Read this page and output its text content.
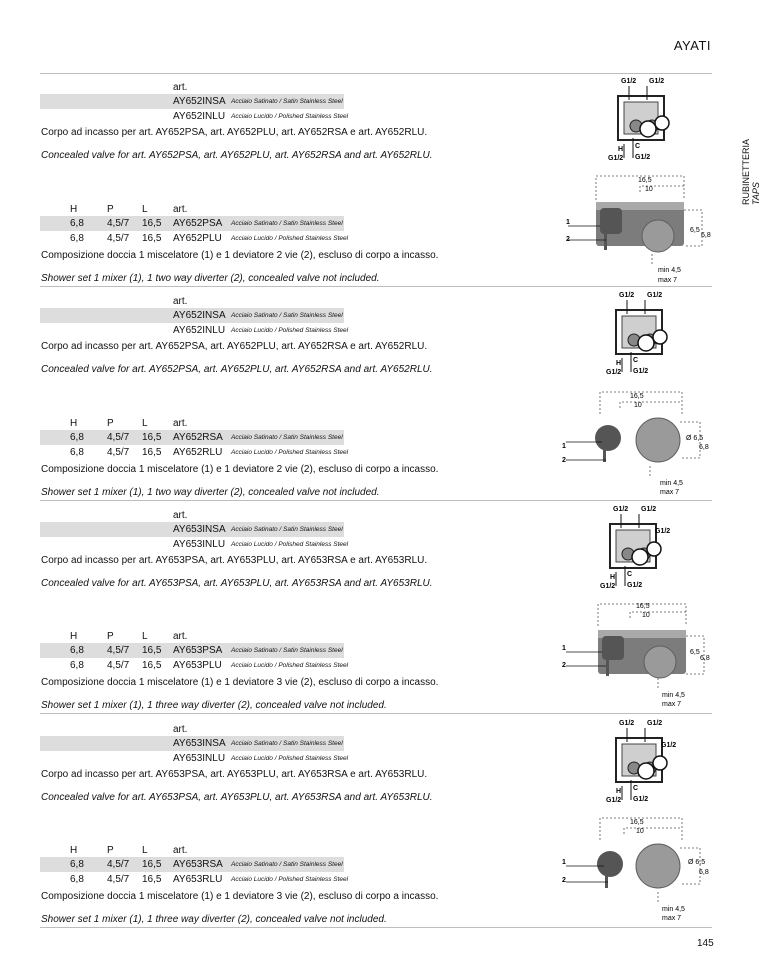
AYATI
RUBINETTERIA TAPS
145
art.
AY652INSA Acciaio Satinato / Satin Stainless Steel
AY652INLU Acciaio Lucido / Polished Stainless Steel
Corpo ad incasso per art. AY652PSA, art. AY652PLU, art. AY652RSA e art. AY652RLU.
Concealed valve for art. AY652PSA, art. AY652PLU, art. AY652RSA and art. AY652RLU.
H	P	L	art.
6,8 4,5/7 16,5 AY652PSA Acciaio Satinato / Satin Stainless Steel
6,8 4,5/7 16,5 AY652PLU Acciaio Lucido / Polished Stainless Steel
Composizione doccia 1 miscelatore (1) e 1 deviatore 2 vie (2), escluso di corpo a incasso.
Shower set 1 mixer (1), 1 two way diverter (2), concealed valve not included.
art.
AY652INSA Acciaio Satinato / Satin Stainless Steel
AY652INLU Acciaio Lucido / Polished Stainless Steel
Corpo ad incasso per art. AY652PSA, art. AY652PLU, art. AY652RSA e art. AY652RLU.
Concealed valve for art. AY652PSA, art. AY652PLU, art. AY652RSA and art. AY652RLU.
H	P	L	art.
6,8 4,5/7 16,5 AY652RSA Acciaio Satinato / Satin Stainless Steel
6,8 4,5/7 16,5 AY652RLU Acciaio Lucido / Polished Stainless Steel
Composizione doccia 1 miscelatore (1) e 1 deviatore 2 vie (2), escluso di corpo a incasso.
Shower set 1 mixer (1), 1 two way diverter (2), concealed valve not included.
art.
AY653INSA Acciaio Satinato / Satin Stainless Steel
AY653INLU Acciaio Lucido / Polished Stainless Steel
Corpo ad incasso per art. AY653PSA, art. AY653PLU, art. AY653RSA e art. AY653RLU.
Concealed valve for art. AY653PSA, art. AY653PLU, art. AY653RSA and art. AY653RLU.
H	P	L	art.
6,8 4,5/7 16,5 AY653PSA Acciaio Satinato / Satin Stainless Steel
6,8 4,5/7 16,5 AY653PLU Acciaio Lucido / Polished Stainless Steel
Composizione doccia 1 miscelatore (1) e 1 deviatore 3 vie (2), escluso di corpo a incasso.
Shower set 1 mixer (1), 1 three way diverter (2), concealed valve not included.
art.
AY653INSA Acciaio Satinato / Satin Stainless Steel
AY653INLU Acciaio Lucido / Polished Stainless Steel
Corpo ad incasso per art. AY653PSA, art. AY653PLU, art. AY653RSA e art. AY653RLU.
Concealed valve for art. AY653PSA, art. AY653PLU, art. AY653RSA and art. AY653RLU.
H	P	L	art.
6,8 4,5/7 16,5 AY653RSA Acciaio Satinato / Satin Stainless Steel
6,8 4,5/7 16,5 AY653RLU Acciaio Lucido / Polished Stainless Steel
Composizione doccia 1 miscelatore (1) e 1 deviatore 3 vie (2), escluso di corpo a incasso.
Shower set 1 mixer (1), 1 three way diverter (2), concealed valve not included.
G1/2 G1/2
H C
G1/2 G1/2
G1/2 G1/2
H C
G1/2 G1/2
G1/2 G1/2
G1/2
H C
G1/2 G1/2
G1/2 G1/2
G1/2
H C
G1/2 G1/2
16,5
10
1
2
6,5
6,8
min 4,5
max 7
16,5
10
1
2
Ø 6,5
6,8
min 4,5
max 7
16,5
10
1
2
6,5
6,8
min 4,5
max 7
16,5
10
1
2
Ø 6,5
6,8
min 4,5
max 7
